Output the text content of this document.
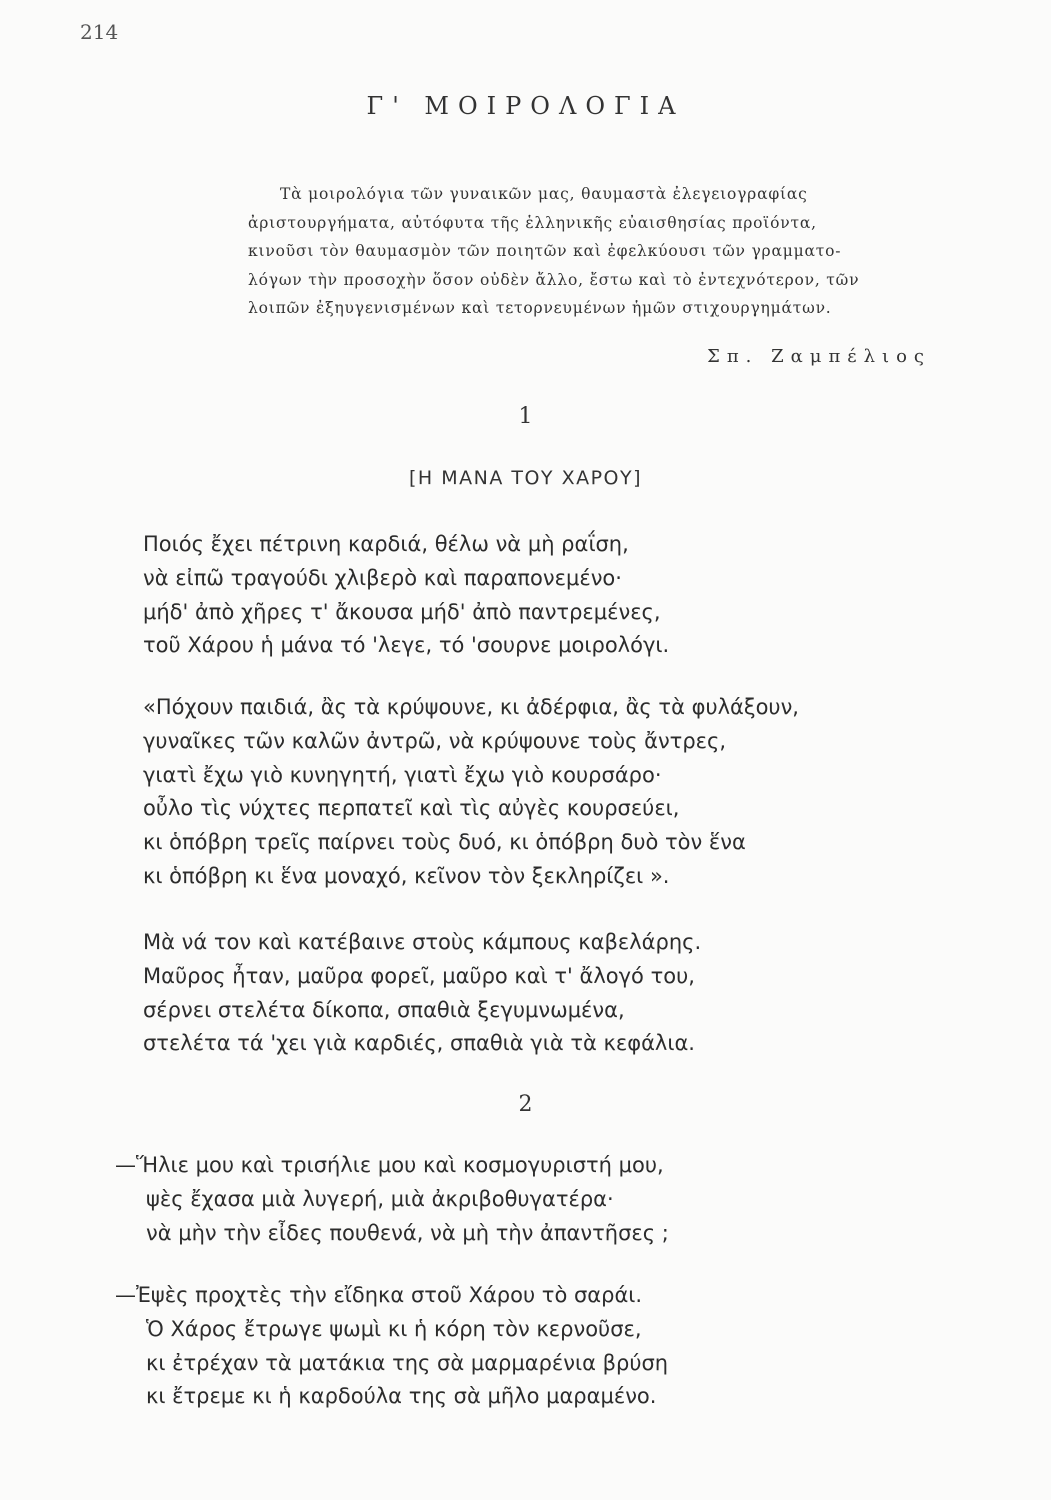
214
Γ' ΜΟΙΡΟΛΟΓΙΑ
Τὰ μοιρολόγια τῶν γυναικῶν μας, θαυμαστὰ ἐλεγειογραφίας
ἀριστουργήματα, αὐτόφυτα τῆς ἑλληνικῆς εὐαισθησίας προϊόντα,
κινοῦσι τὸν θαυμασμὸν τῶν ποιητῶν καὶ ἐφελκύουσι τῶν γραμματο-
λόγων τὴν προσοχὴν ὅσον οὐδὲν ἄλλο, ἔστω καὶ τὸ ἐντεχνότερον, τῶν
λοιπῶν ἐξηυγενισμένων καὶ τετορνευμένων ἡμῶν στιχουργημάτων.
Σπ. Ζαμπέλιος
1
[Η ΜΑΝΑ ΤΟΥ ΧΑΡΟΥ]
Ποιός ἔχει πέτρινη καρδιά, θέλω νὰ μὴ ραΐση,
νὰ εἰπῶ τραγούδι χλιβερὸ καὶ παραπονεμένο·
μήδ' ἀπὸ χῆρες τ' ἄκουσα μήδ' ἀπὸ παντρεμένες,
τοῦ Χάρου ἡ μάνα τό 'λεγε, τό 'σουρνε μοιρολόγι.
«Πόχουν παιδιά, ἂς τὰ κρύψουνε, κι ἀδέρφια, ἂς τὰ φυλάξουν,
γυναῖκες τῶν καλῶν ἀντρῶ, νὰ κρύψουνε τοὺς ἄντρες,
γιατὶ ἔχω γιὸ κυνηγητή, γιατὶ ἔχω γιὸ κουρσάρο·
οὖλο τὶς νύχτες περπατεῖ καὶ τὶς αὐγὲς κουρσεύει,
κι ὁπόβρη τρεῖς παίρνει τοὺς δυό, κι ὁπόβρη δυὸ τὸν ἕνα
κι ὁπόβρη κι ἕνα μοναχό, κεῖνον τὸν ξεκληρίζει ».
Μὰ νά τον καὶ κατέβαινε στοὺς κάμπους καβελάρης.
Μαῦρος ἦταν, μαῦρα φορεῖ, μαῦρο καὶ τ' ἄλογό του,
σέρνει στελέτα δίκοπα, σπαθιὰ ξεγυμνωμένα,
στελέτα τά 'χει γιὰ καρδιές, σπαθιὰ γιὰ τὰ κεφάλια.
2
—Ἥλιε μου καὶ τρισήλιε μου καὶ κοσμογυριστή μου,
ψὲς ἔχασα μιὰ λυγερή, μιὰ ἀκριβοθυγατέρα·
νὰ μὴν τὴν εἶδες πουθενά, νὰ μὴ τὴν ἀπαντῆσες ;
—Ἐψὲς προχτὲς τὴν εἴδηκα στοῦ Χάρου τὸ σαράι.
Ὁ Χάρος ἔτρωγε ψωμὶ κι ἡ κόρη τὸν κερνοῦσε,
κι ἐτρέχαν τὰ ματάκια της σὰ μαρμαρένια βρύση
κι ἔτρεμε κι ἡ καρδούλα της σὰ μῆλο μαραμένο.
